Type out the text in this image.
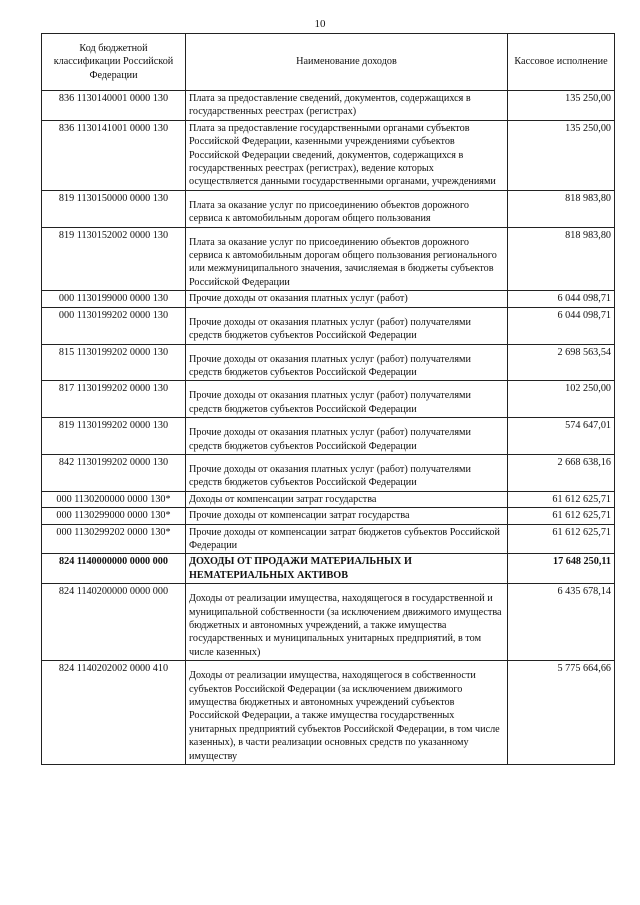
10
Код бюджетной классификации Российской Федерации	Наименование доходов	Кассовое исполнение
836 1130140001 0000 130	Плата за предоставление сведений, документов, содержащихся в государственных реестрах (регистрах)	135 250,00
836 1130141001 0000 130	Плата за предоставление государственными органами субъектов Российской Федерации, казенными учреждениями субъектов Российской Федерации сведений, документов, содержащихся в государственных реестрах (регистрах), ведение которых осуществляется данными государственными органами, учреждениями	135 250,00
819 1130150000 0000 130	Плата за оказание услуг по присоединению объектов дорожного сервиса к автомобильным дорогам общего пользования	818 983,80
819 1130152002 0000 130	Плата за оказание услуг по присоединению объектов дорожного сервиса к автомобильным дорогам общего пользования регионального или межмуниципального значения, зачисляемая в бюджеты субъектов Российской Федерации	818 983,80
000 1130199000 0000 130	Прочие доходы от оказания платных услуг (работ)	6 044 098,71
000 1130199202 0000 130	Прочие доходы от оказания платных услуг (работ) получателями средств бюджетов субъектов Российской Федерации	6 044 098,71
815 1130199202 0000 130	Прочие доходы от оказания платных услуг (работ) получателями средств бюджетов субъектов Российской Федерации	2 698 563,54
817 1130199202 0000 130	Прочие доходы от оказания платных услуг (работ) получателями средств бюджетов субъектов Российской Федерации	102 250,00
819 1130199202 0000 130	Прочие доходы от оказания платных услуг (работ) получателями средств бюджетов субъектов Российской Федерации	574 647,01
842 1130199202 0000 130	Прочие доходы от оказания платных услуг (работ) получателями средств бюджетов субъектов Российской Федерации	2 668 638,16
000 1130200000 0000 130*	Доходы от компенсации затрат государства	61 612 625,71
000 1130299000 0000 130*	Прочие доходы от компенсации затрат государства	61 612 625,71
000 1130299202 0000 130*	Прочие доходы от компенсации затрат бюджетов субъектов Российской Федерации	61 612 625,71
824 1140000000 0000 000	ДОХОДЫ ОТ ПРОДАЖИ МАТЕРИАЛЬНЫХ И НЕМАТЕРИАЛЬНЫХ АКТИВОВ	17 648 250,11
824 1140200000 0000 000	Доходы от реализации имущества, находящегося в государственной и муниципальной собственности (за исключением движимого имущества бюджетных и автономных учреждений, а также имущества государственных и муниципальных унитарных предприятий, в том числе казенных)	6 435 678,14
824 1140202002 0000 410	Доходы от реализации имущества, находящегося в собственности субъектов Российской Федерации (за исключением движимого имущества бюджетных и автономных учреждений субъектов Российской Федерации, а также имущества государственных унитарных предприятий субъектов Российской Федерации, в том числе казенных), в части реализации основных средств по указанному имуществу	5 775 664,66
